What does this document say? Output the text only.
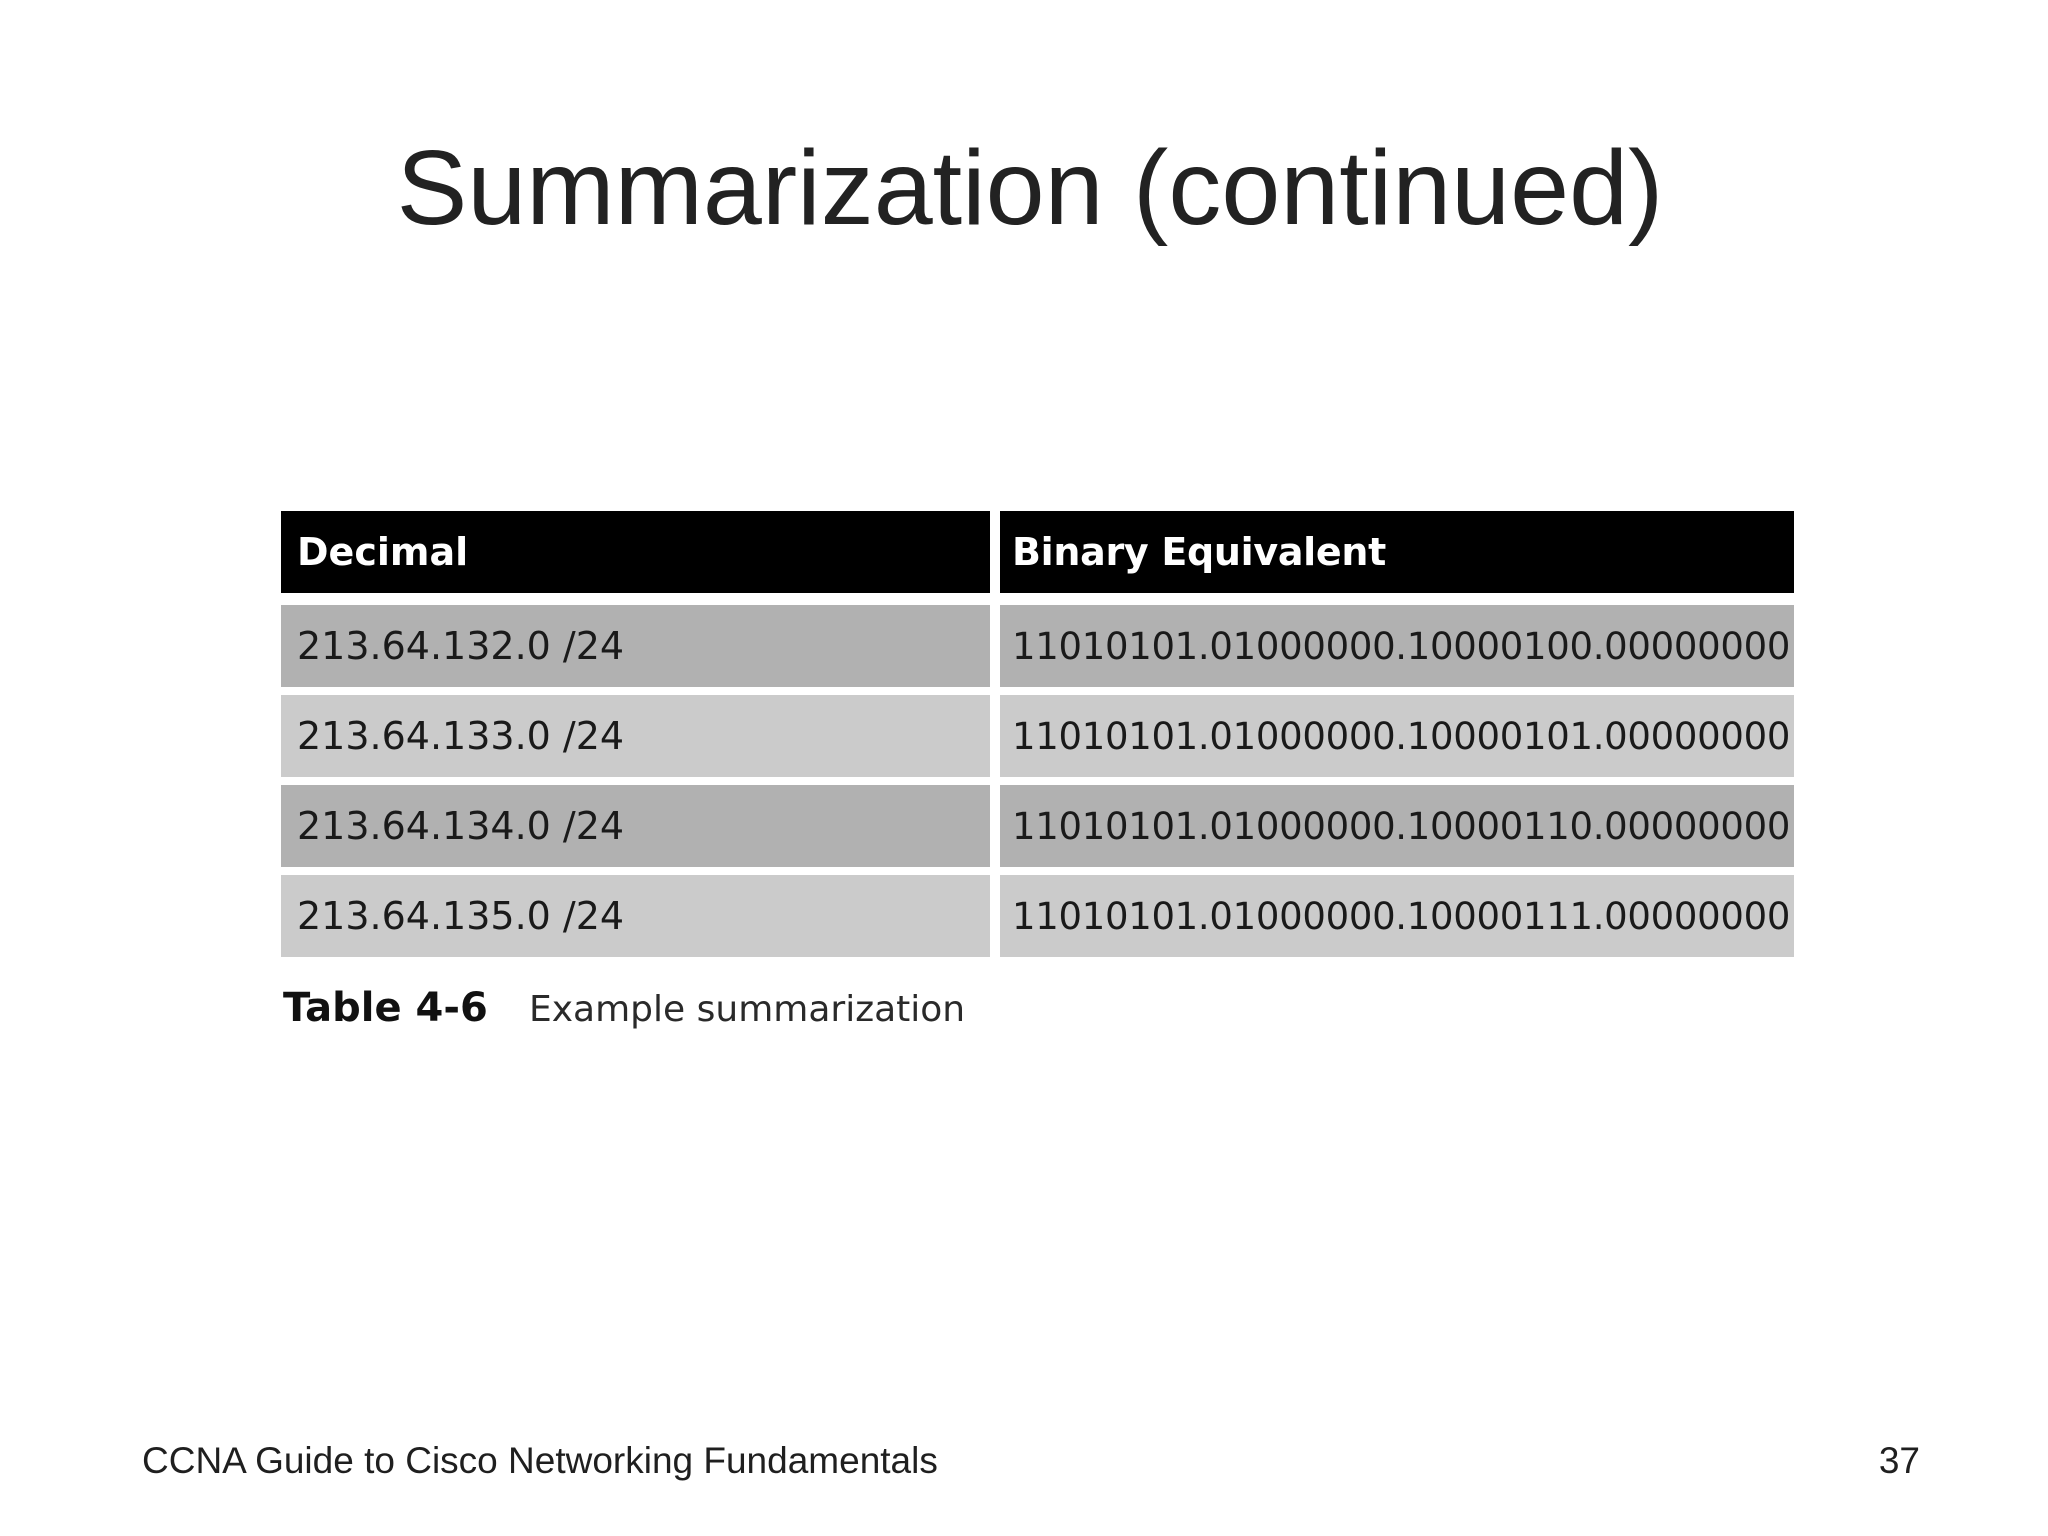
Summarization (continued)
Decimal	Binary Equivalent
213.64.132.0 /24	11010101.01000000.10000100.00000000
213.64.133.0 /24	11010101.01000000.10000101.00000000
213.64.134.0 /24	11010101.01000000.10000110.00000000
213.64.135.0 /24	11010101.01000000.10000111.00000000
Table 4-6	Example summarization
CCNA Guide to Cisco Networking Fundamentals	37
